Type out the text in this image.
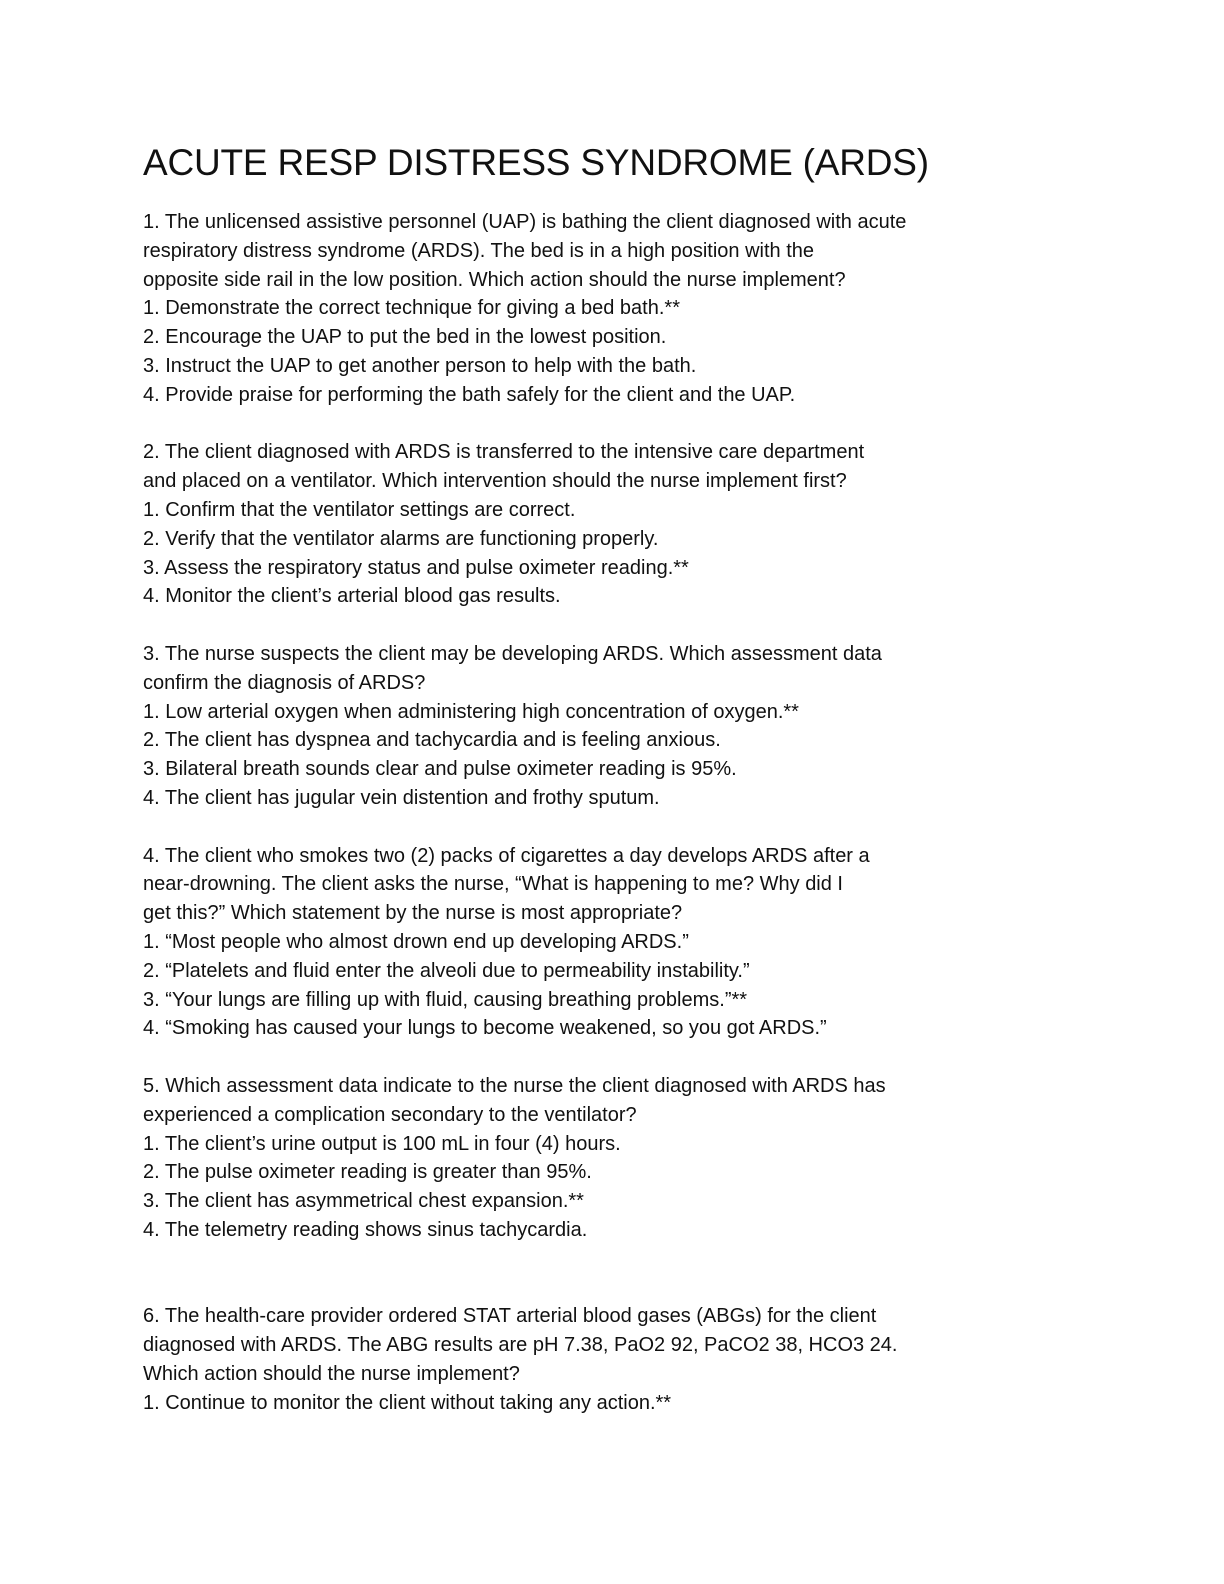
ACUTE RESP DISTRESS SYNDROME (ARDS)

1. The unlicensed assistive personnel (UAP) is bathing the client diagnosed with acute
respiratory distress syndrome (ARDS). The bed is in a high position with the
opposite side rail in the low position. Which action should the nurse implement?

1. Demonstrate the correct technique for giving a bed bath.**
2. Encourage the UAP to put the bed in the lowest position.
3. Instruct the UAP to get another person to help with the bath.
4. Provide praise for performing the bath safely for the client and the UAP.

2. The client diagnosed with ARDS is transferred to the intensive care department
and placed on a ventilator. Which intervention should the nurse implement first?

1. Confirm that the ventilator settings are correct.
2. Verify that the ventilator alarms are functioning properly.
3. Assess the respiratory status and pulse oximeter reading.**
4. Monitor the client’s arterial blood gas results.

3. The nurse suspects the client may be developing ARDS. Which assessment data
confirm the diagnosis of ARDS?

1. Low arterial oxygen when administering high concentration of oxygen.**
2. The client has dyspnea and tachycardia and is feeling anxious.
3. Bilateral breath sounds clear and pulse oximeter reading is 95%.
4. The client has jugular vein distention and frothy sputum.

4. The client who smokes two (2) packs of cigarettes a day develops ARDS after a
near-drowning. The client asks the nurse, “What is happening to me? Why did I
get this?” Which statement by the nurse is most appropriate?

1. “Most people who almost drown end up developing ARDS.”
2. “Platelets and fluid enter the alveoli due to permeability instability.”
3. “Your lungs are filling up with fluid, causing breathing problems.”**
4. “Smoking has caused your lungs to become weakened, so you got ARDS.”

5. Which assessment data indicate to the nurse the client diagnosed with ARDS has
experienced a complication secondary to the ventilator?

1. The client’s urine output is 100 mL in four (4) hours.
2. The pulse oximeter reading is greater than 95%.
3. The client has asymmetrical chest expansion.**
4. The telemetry reading shows sinus tachycardia.

6. The health-care provider ordered STAT arterial blood gases (ABGs) for the client
diagnosed with ARDS. The ABG results are pH 7.38, PaO2 92, PaCO2 38, HCO3 24.
Which action should the nurse implement?

1. Continue to monitor the client without taking any action.**
